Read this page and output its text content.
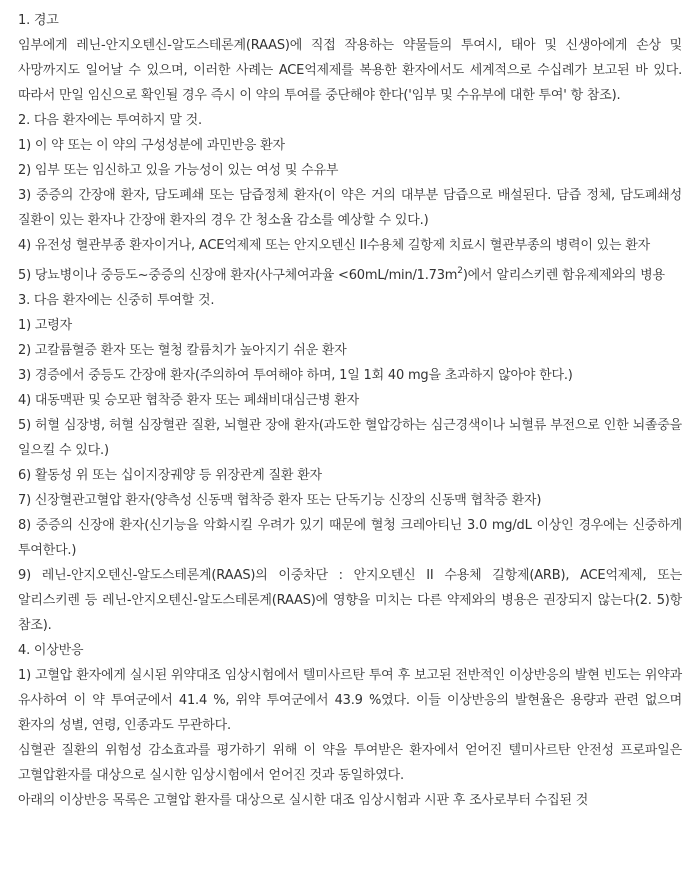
1. 경고

임부에게 레닌-안지오텐신-알도스테론계(RAAS)에 직접 작용하는 약물들의 투여시, 태아 및 신생아에게 손상 및 사망까지도 일어날 수 있으며, 이러한 사례는 ACE억제제를 복용한 환자에서도 세계적으로 수십례가 보고된 바 있다. 따라서 만일 임신으로 확인될 경우 즉시 이 약의 투여를 중단해야 한다('임부 및 수유부에 대한 투여' 항 참조).

2. 다음 환자에는 투여하지 말 것.

1) 이 약 또는 이 약의 구성성분에 과민반응 환자

2) 임부 또는 임신하고 있을 가능성이 있는 여성 및 수유부

3) 중증의 간장애 환자, 담도폐쇄 또는 담즙정체 환자(이 약은 거의 대부분 담즙으로 배설된다. 담즙 정체, 담도폐쇄성 질환이 있는 환자나 간장애 환자의 경우 간 청소율 감소를 예상할 수 있다.)

4) 유전성 혈관부종 환자이거나, ACE억제제 또는 안지오텐신 II수용체 길항제 치료시 혈관부종의 병력이 있는 환자

5) 당뇨병이나 중등도~중증의 신장애 환자(사구체여과율 $<60mL/\min/1.73m^2$)에서 알리스키렌 함유제제와의 병용

3. 다음 환자에는 신중히 투여할 것.

1) 고령자

2) 고칼륨혈증 환자 또는 혈청 칼륨치가 높아지기 쉬운 환자

3) 경증에서 중등도 간장애 환자(주의하여 투여해야 하며, 1일 1회 40 mg을 초과하지 않아야 한다.)

4) 대동맥판 및 승모판 협착증 환자 또는 폐쇄비대심근병 환자

5) 허혈 심장병, 허혈 심장혈관 질환, 뇌혈관 장애 환자(과도한 혈압강하는 심근경색이나 뇌혈류 부전으로 인한 뇌졸중을 일으킬 수 있다.)

6) 활동성 위 또는 십이지장궤양 등 위장관계 질환 환자

7) 신장혈관고혈압 환자(양측성 신동맥 협착증 환자 또는 단독기능 신장의 신동맥 협착증 환자)

8) 중증의 신장애 환자(신기능을 악화시킬 우려가 있기 때문에 혈청 크레아티닌 3.0 mg/dL 이상인 경우에는 신중하게 투여한다.)

9) 레닌-안지오텐신-알도스테론계(RAAS)의 이중차단 : 안지오텐신 II 수용체 길항제(ARB), ACE억제제, 또는 알리스키렌 등 레닌-안지오텐신-알도스테론계(RAAS)에 영향을 미치는 다른 약제와의 병용은 권장되지 않는다(2. 5)항 참조).

4. 이상반응

1) 고혈압 환자에게 실시된 위약대조 임상시험에서 텔미사르탄 투여 후 보고된 전반적인 이상반응의 발현 빈도는 위약과 유사하여 이 약 투여군에서 41.4 %, 위약 투여군에서 43.9 %였다. 이들 이상반응의 발현율은 용량과 관련 없으며 환자의 성별, 연령, 인종과도 무관하다.

심혈관 질환의 위험성 감소효과를 평가하기 위해 이 약을 투여받은 환자에서 얻어진 텔미사르탄 안전성 프로파일은 고혈압환자를 대상으로 실시한 임상시험에서 얻어진 것과 동일하였다.

아래의 이상반응 목록은 고혈압 환자를 대상으로 실시한 대조 임상시험과 시판 후 조사로부터 수집된 것
